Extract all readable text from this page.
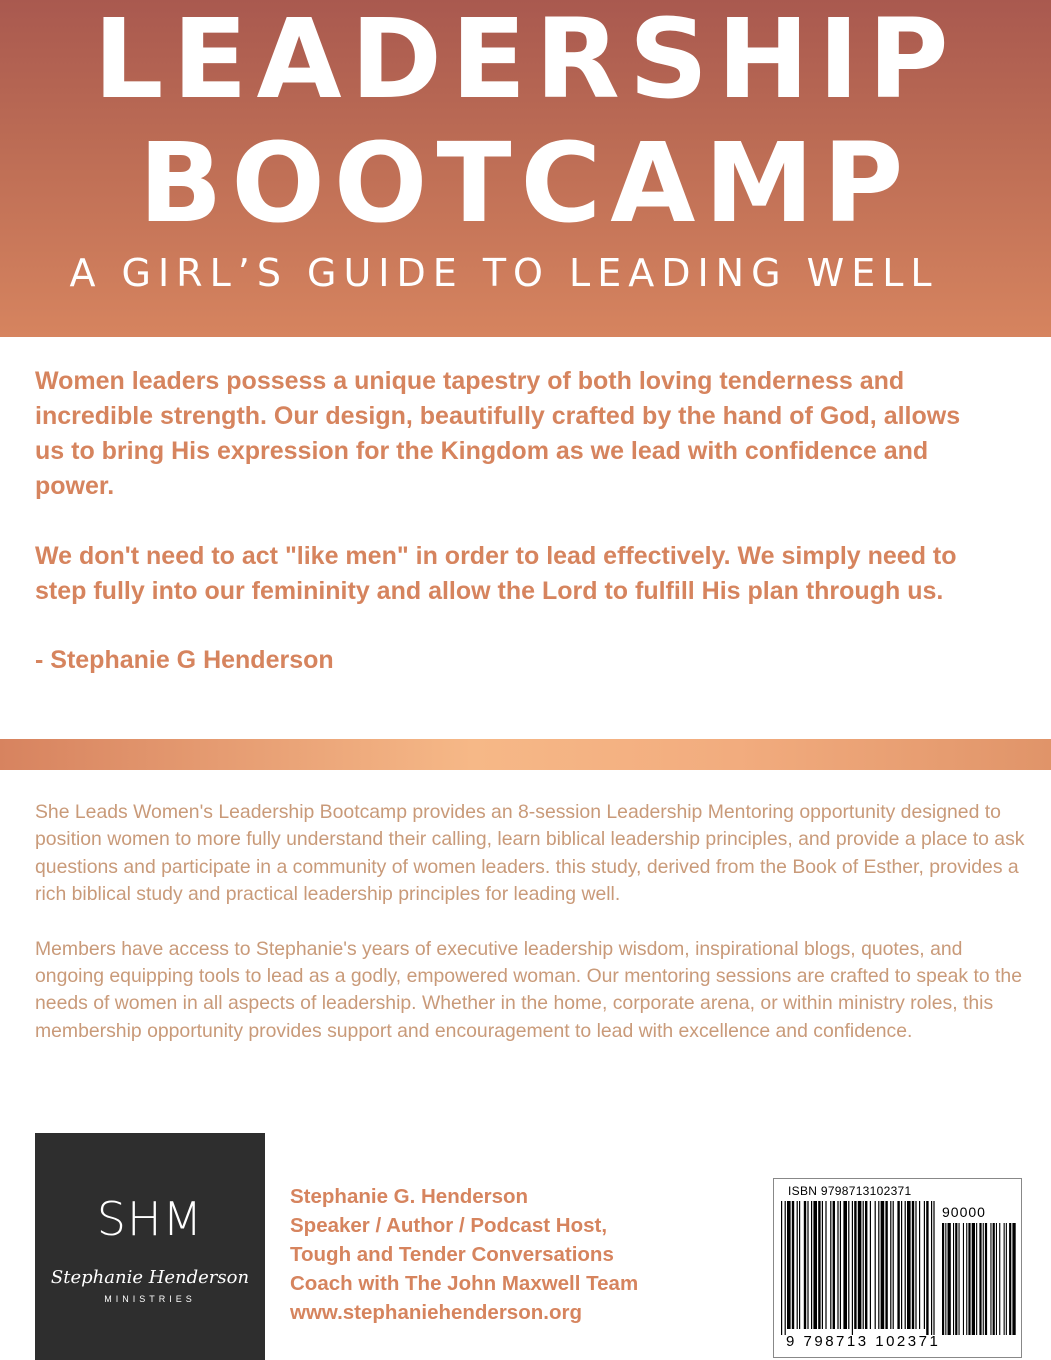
LEADERSHIP
BOOTCAMP
A GIRL’S GUIDE TO LEADING WELL

Women leaders possess a unique tapestry of both loving tenderness and incredible strength. Our design, beautifully crafted by the hand of God, allows us to bring His expression for the Kingdom as we lead with confidence and power.

We don't need to act "like men" in order to lead effectively. We simply need to step fully into our femininity and allow the Lord to fulfill His plan through us.

- Stephanie G Henderson

She Leads Women's Leadership Bootcamp provides an 8-session Leadership Mentoring opportunity designed to position women to more fully understand their calling, learn biblical leadership principles, and provide a place to ask questions and participate in a community of women leaders. this study, derived from the Book of Esther, provides a rich biblical study and practical leadership principles for leading well.

Members have access to Stephanie's years of executive leadership wisdom, inspirational blogs, quotes, and ongoing equipping tools to lead as a godly, empowered woman. Our mentoring sessions are crafted to speak to the needs of women in all aspects of leadership. Whether in the home, corporate arena, or within ministry roles, this membership opportunity provides support and encouragement to lead with excellence and confidence.

SHM
Stephanie Henderson
MINISTRIES
Stephanie G. Henderson
Speaker / Author / Podcast Host,
Tough and Tender Conversations
Coach with The John Maxwell Team
www.stephaniehenderson.org
ISBN 9798713102371
90000
9 798713 102371
